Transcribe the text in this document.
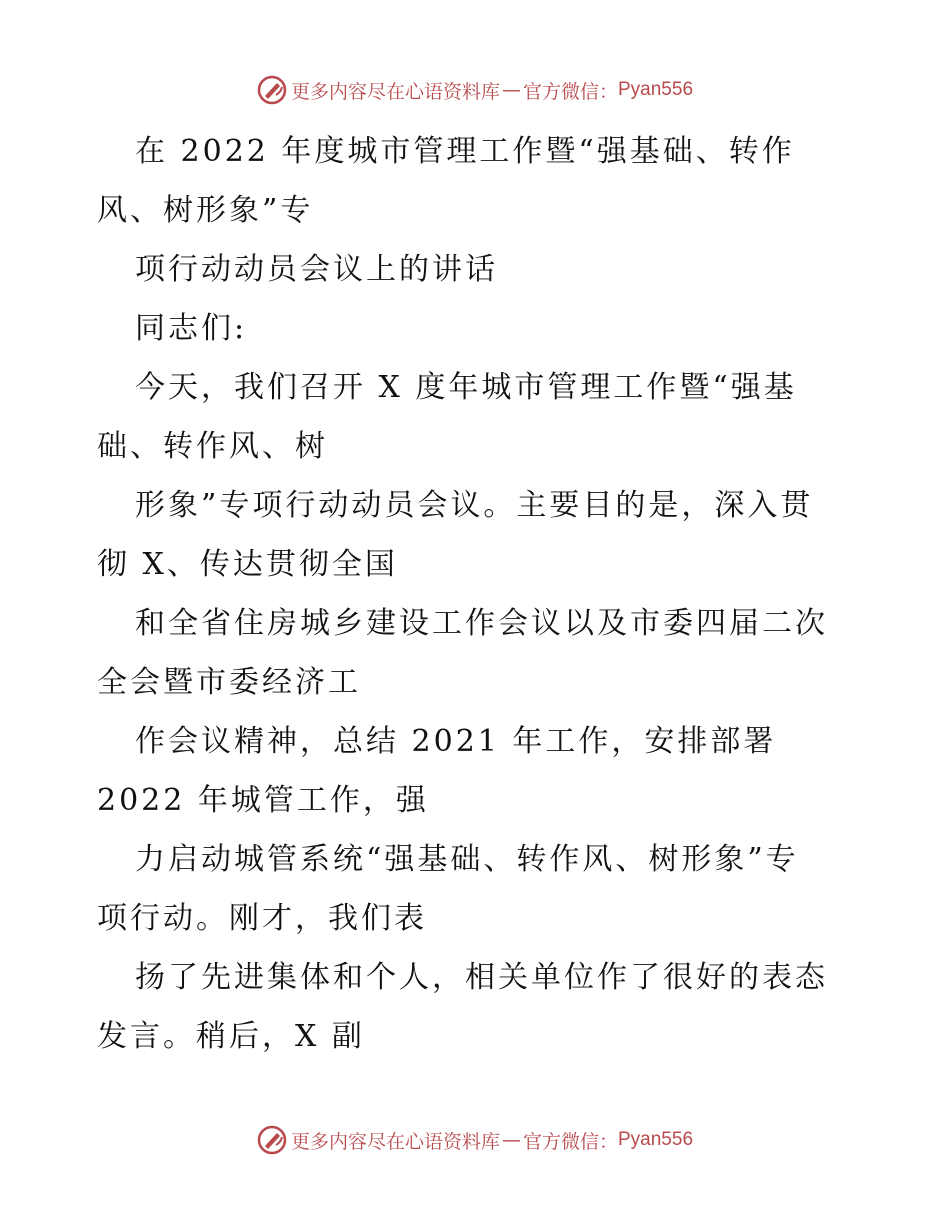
更多内容尽在心语资料库 — 官方微信： Pyan556
在 2022 年度城市管理工作暨“强基础、转作
风、树形象”专
项行动动员会议上的讲话
同志们:
今天，我们召开 X 度年城市管理工作暨“强基
础、转作风、树
形象”专项行动动员会议。主要目的是，深入贯
彻 X、传达贯彻全国
和全省住房城乡建设工作会议以及市委四届二次
全会暨市委经济工
作会议精神，总结 2021 年工作，安排部署
2022 年城管工作，强
力启动城管系统“强基础、转作风、树形象”专
项行动。刚才，我们表
扬了先进集体和个人，相关单位作了很好的表态
发言。稍后，X 副
更多内容尽在心语资料库 — 官方微信： Pyan556
